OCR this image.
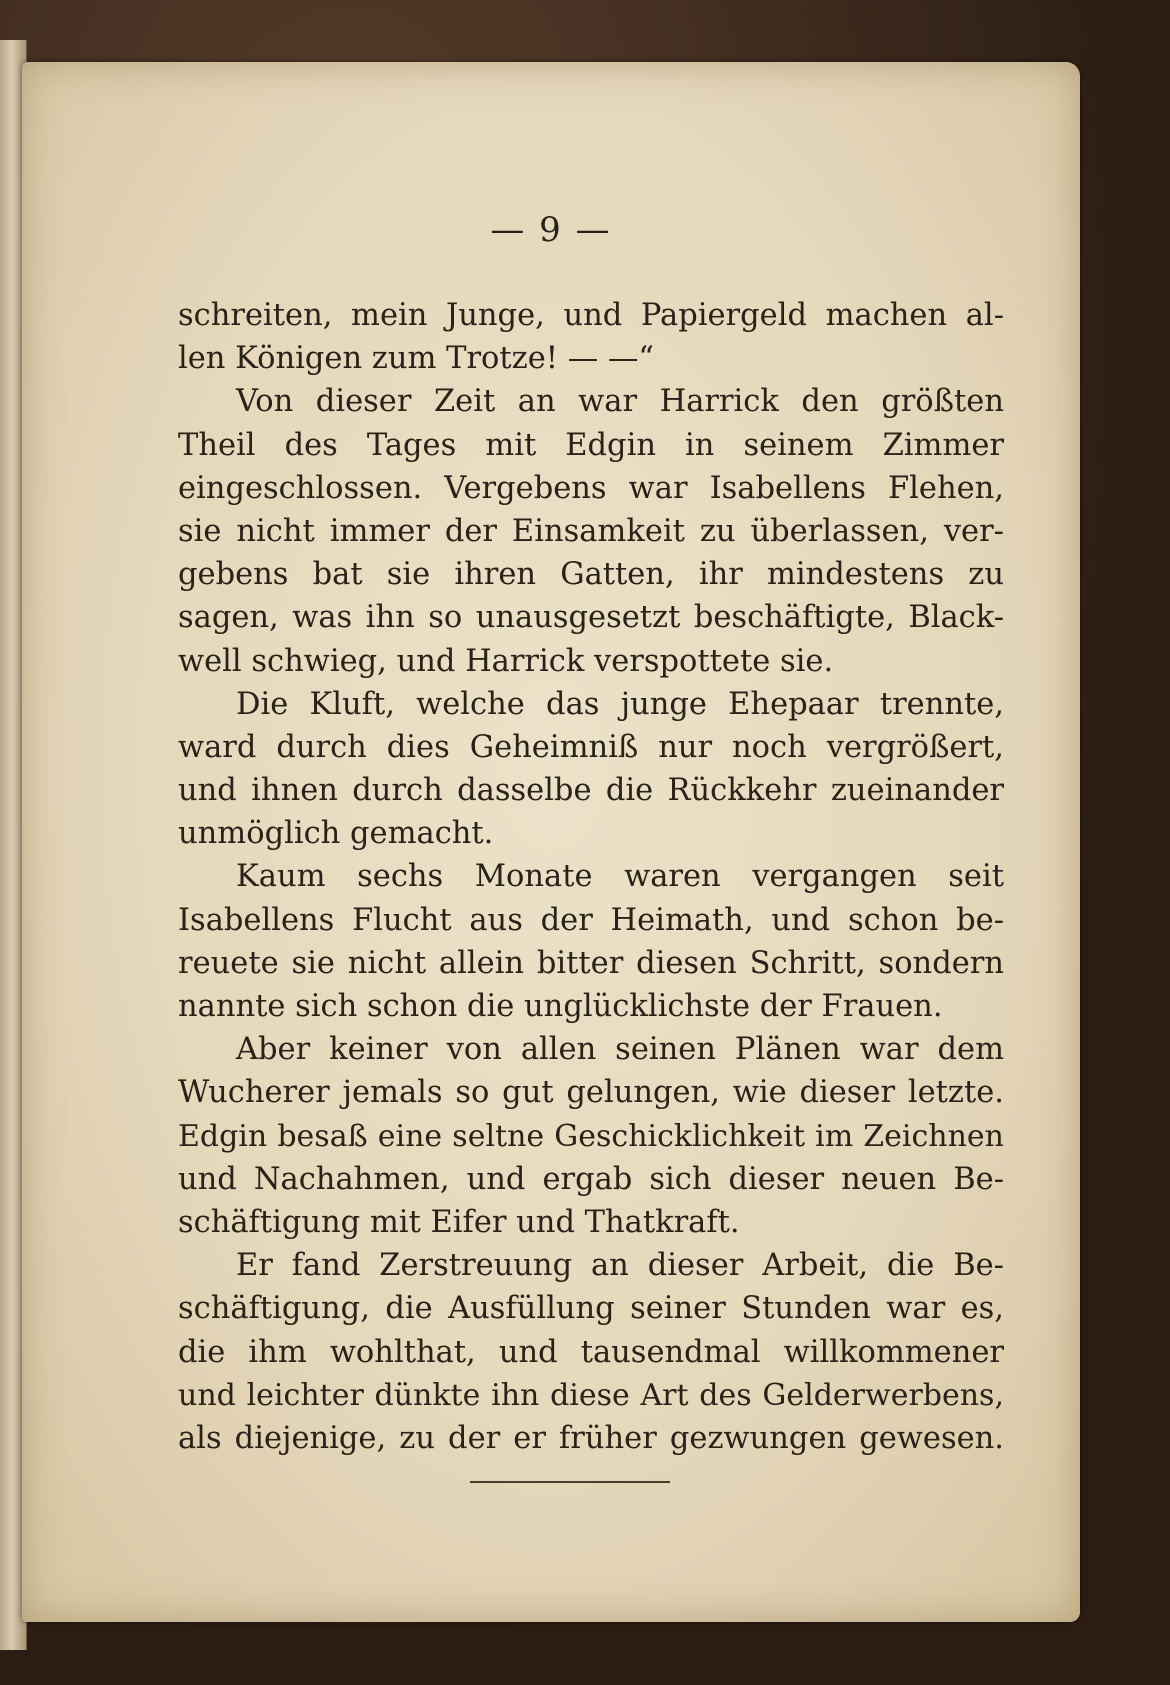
— 9 —
schreiten, mein Junge, und Papiergeld machen al-
len Königen zum Trotze! — —“
Von dieser Zeit an war Harrick den größten
Theil des Tages mit Edgin in seinem Zimmer
eingeschlossen. Vergebens war Isabellens Flehen,
sie nicht immer der Einsamkeit zu überlassen, ver-
gebens bat sie ihren Gatten, ihr mindestens zu
sagen, was ihn so unausgesetzt beschäftigte, Black-
well schwieg, und Harrick verspottete sie.
Die Kluft, welche das junge Ehepaar trennte,
ward durch dies Geheimniß nur noch vergrößert,
und ihnen durch dasselbe die Rückkehr zueinander
unmöglich gemacht.
Kaum sechs Monate waren vergangen seit
Isabellens Flucht aus der Heimath, und schon be-
reuete sie nicht allein bitter diesen Schritt, sondern
nannte sich schon die unglücklichste der Frauen.
Aber keiner von allen seinen Plänen war dem
Wucherer jemals so gut gelungen, wie dieser letzte.
Edgin besaß eine seltne Geschicklichkeit im Zeichnen
und Nachahmen, und ergab sich dieser neuen Be-
schäftigung mit Eifer und Thatkraft.
Er fand Zerstreuung an dieser Arbeit, die Be-
schäftigung, die Ausfüllung seiner Stunden war es,
die ihm wohlthat, und tausendmal willkommener
und leichter dünkte ihn diese Art des Gelderwerbens,
als diejenige, zu der er früher gezwungen gewesen.
